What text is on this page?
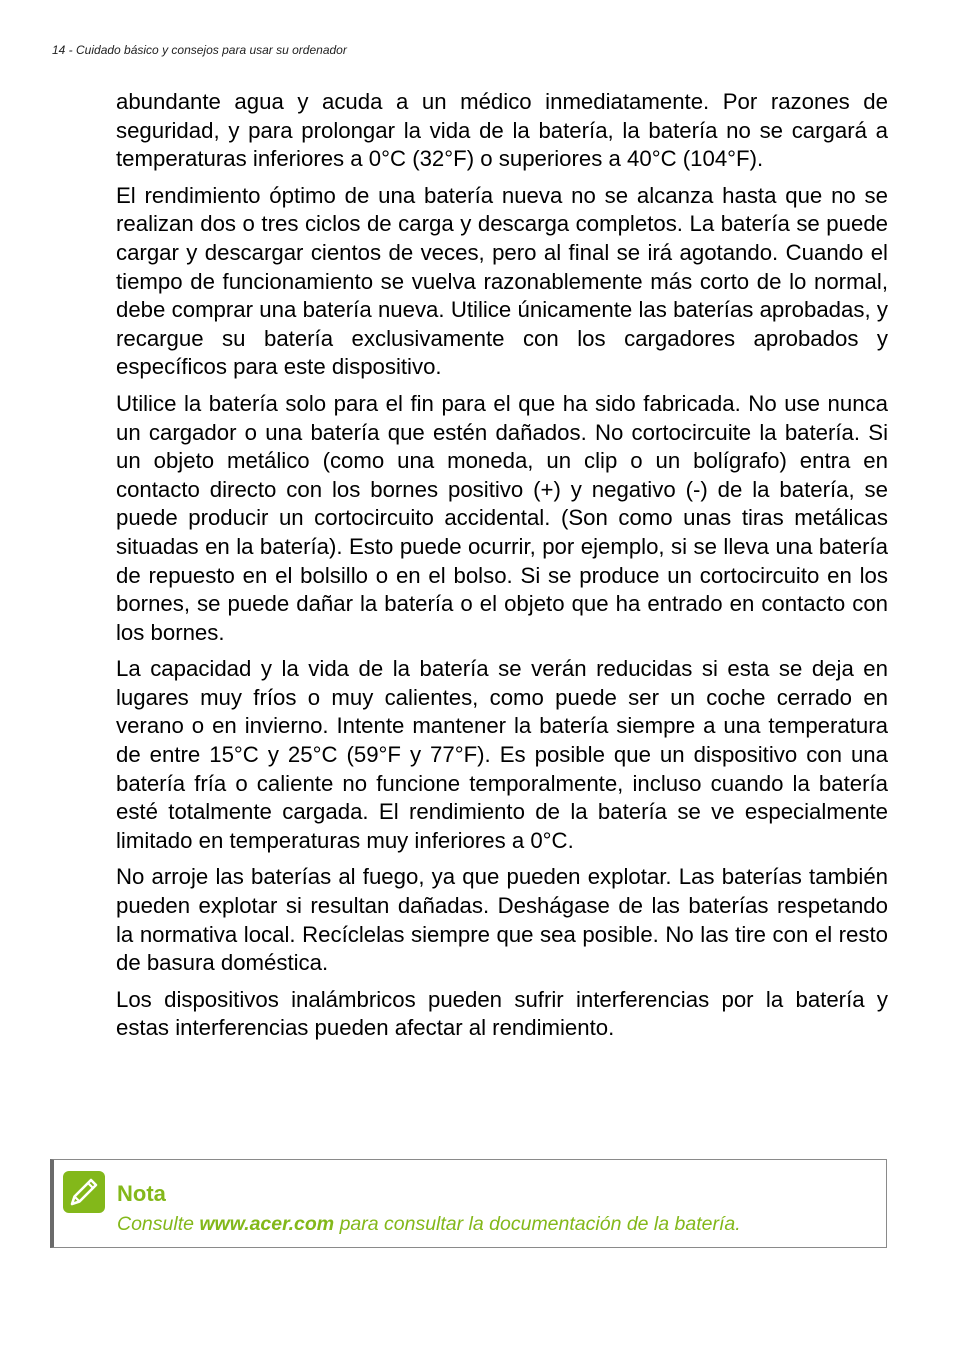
14 - Cuidado básico y consejos para usar su ordenador

abundante agua y acuda a un médico inmediatamente. Por razones de seguridad, y para prolongar la vida de la batería, la batería no se cargará a temperaturas inferiores a 0°C (32°F) o superiores a 40°C (104°F).

El rendimiento óptimo de una batería nueva no se alcanza hasta que no se realizan dos o tres ciclos de carga y descarga completos. La batería se puede cargar y descargar cientos de veces, pero al final se irá agotando. Cuando el tiempo de funcionamiento se vuelva razonablemente más corto de lo normal, debe comprar una batería nueva. Utilice únicamente las baterías aprobadas, y recargue su batería exclusivamente con los cargadores aprobados y específicos para este dispositivo.

Utilice la batería solo para el fin para el que ha sido fabricada. No use nunca un cargador o una batería que estén dañados. No cortocircuite la batería. Si un objeto metálico (como una moneda, un clip o un bolígrafo) entra en contacto directo con los bornes positivo (+) y negativo (-) de la batería, se puede producir un cortocircuito accidental. (Son como unas tiras metálicas situadas en la batería). Esto puede ocurrir, por ejemplo, si se lleva una batería de repuesto en el bolsillo o en el bolso. Si se produce un cortocircuito en los bornes, se puede dañar la batería o el objeto que ha entrado en contacto con los bornes.

La capacidad y la vida de la batería se verán reducidas si esta se deja en lugares muy fríos o muy calientes, como puede ser un coche cerrado en verano o en invierno. Intente mantener la batería siempre a una temperatura de entre 15°C y 25°C (59°F y 77°F). Es posible que un dispositivo con una batería fría o caliente no funcione temporalmente, incluso cuando la batería esté totalmente cargada. El rendimiento de la batería se ve especialmente limitado en temperaturas muy inferiores a 0°C.

No arroje las baterías al fuego, ya que pueden explotar. Las baterías también pueden explotar si resultan dañadas. Deshágase de las baterías respetando la normativa local. Recíclelas siempre que sea posible. No las tire con el resto de basura doméstica.

Los dispositivos inalámbricos pueden sufrir interferencias por la batería y estas interferencias pueden afectar al rendimiento.

Nota
Consulte www.acer.com para consultar la documentación de la batería.
